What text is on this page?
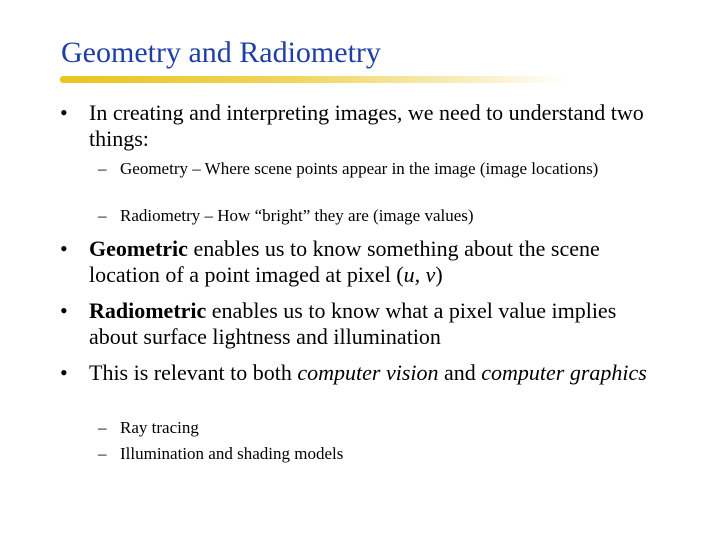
Geometry and Radiometry
• In creating and interpreting images, we need to understand two things:
– Geometry – Where scene points appear in the image (image locations)
– Radiometry – How “bright” they are (image values)
• Geometric enables us to know something about the scene location of a point imaged at pixel (u, v)
• Radiometric enables us to know what a pixel value implies about surface lightness and illumination
• This is relevant to both computer vision and computer graphics
– Ray tracing
– Illumination and shading models
